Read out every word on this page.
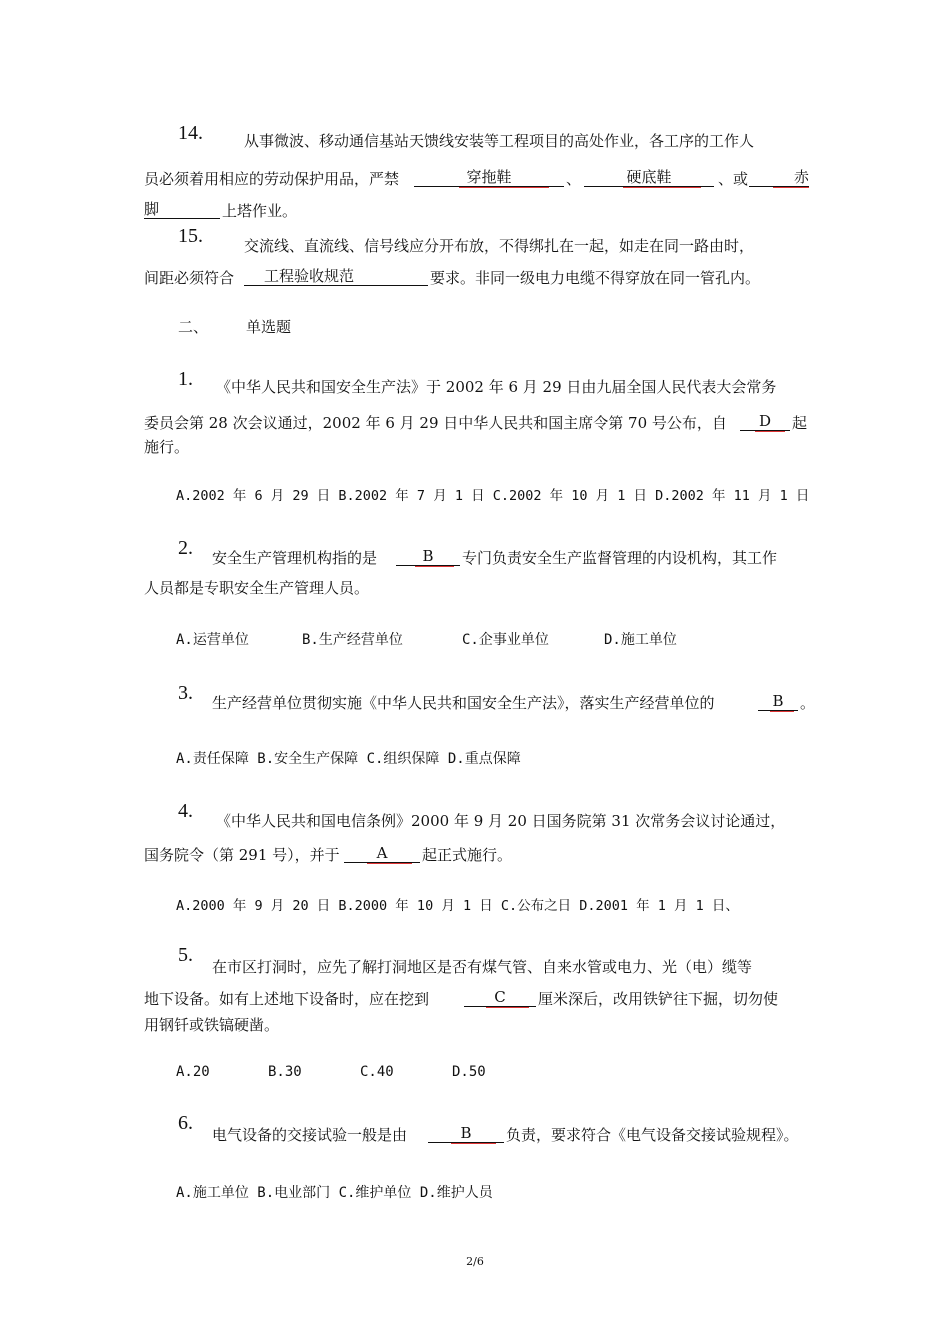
14.	从事微波、移动通信基站天馈线安装等工程项目的高处作业，各工序的工作人
员必须着用相应的劳动保护用品，严禁	穿拖鞋	、	硬底鞋	、或	赤
脚	上塔作业。
15.	交流线、直流线、信号线应分开布放，不得绑扎在一起，如走在同一路由时，
间距必须符合	工程验收规范	要求。非同一级电力电缆不得穿放在同一管孔内。
二、	单选题
1. 《中华人民共和国安全生产法》于 2002 年 6 月 29 日由九届全国人民代表大会常务
委员会第 28 次会议通过，2002 年 6 月 29 日中华人民共和国主席令第 70 号公布，自	D	起
施行。
A.2002 年 6 月 29 日 B.2002 年 7 月 1 日 C.2002 年 10 月 1 日 D.2002 年 11 月 1 日
2. 安全生产管理机构指的是	B	专门负责安全生产监督管理的内设机构，其工作
人员都是专职安全生产管理人员。
A.运营单位	B.生产经营单位	C.企事业单位	D.施工单位
3. 生产经营单位贯彻实施《中华人民共和国安全生产法》，落实生产经营单位的	B	。
A.责任保障 B.安全生产保障 C.组织保障 D.重点保障
4. 《中华人民共和国电信条例》2000 年 9 月 20 日国务院第 31 次常务会议讨论通过，
国务院令（第 291 号），并于	A	起正式施行。
A.2000 年 9 月 20 日 B.2000 年 10 月 1 日 C.公布之日 D.2001 年 1 月 1 日、
5.
在市区打洞时，应先了解打洞地区是否有煤气管、自来水管或电力、光（电）缆等
地下设备。如有上述地下设备时，应在挖到	C	厘米深后，改用铁铲往下掘，切勿使
用钢钎或铁镐硬凿。
A.20	B.30	C.40	D.50
6.
电气设备的交接试验一般是由	B	负责，要求符合《电气设备交接试验规程》。
A.施工单位 B.电业部门 C.维护单位 D.维护人员
2/6
